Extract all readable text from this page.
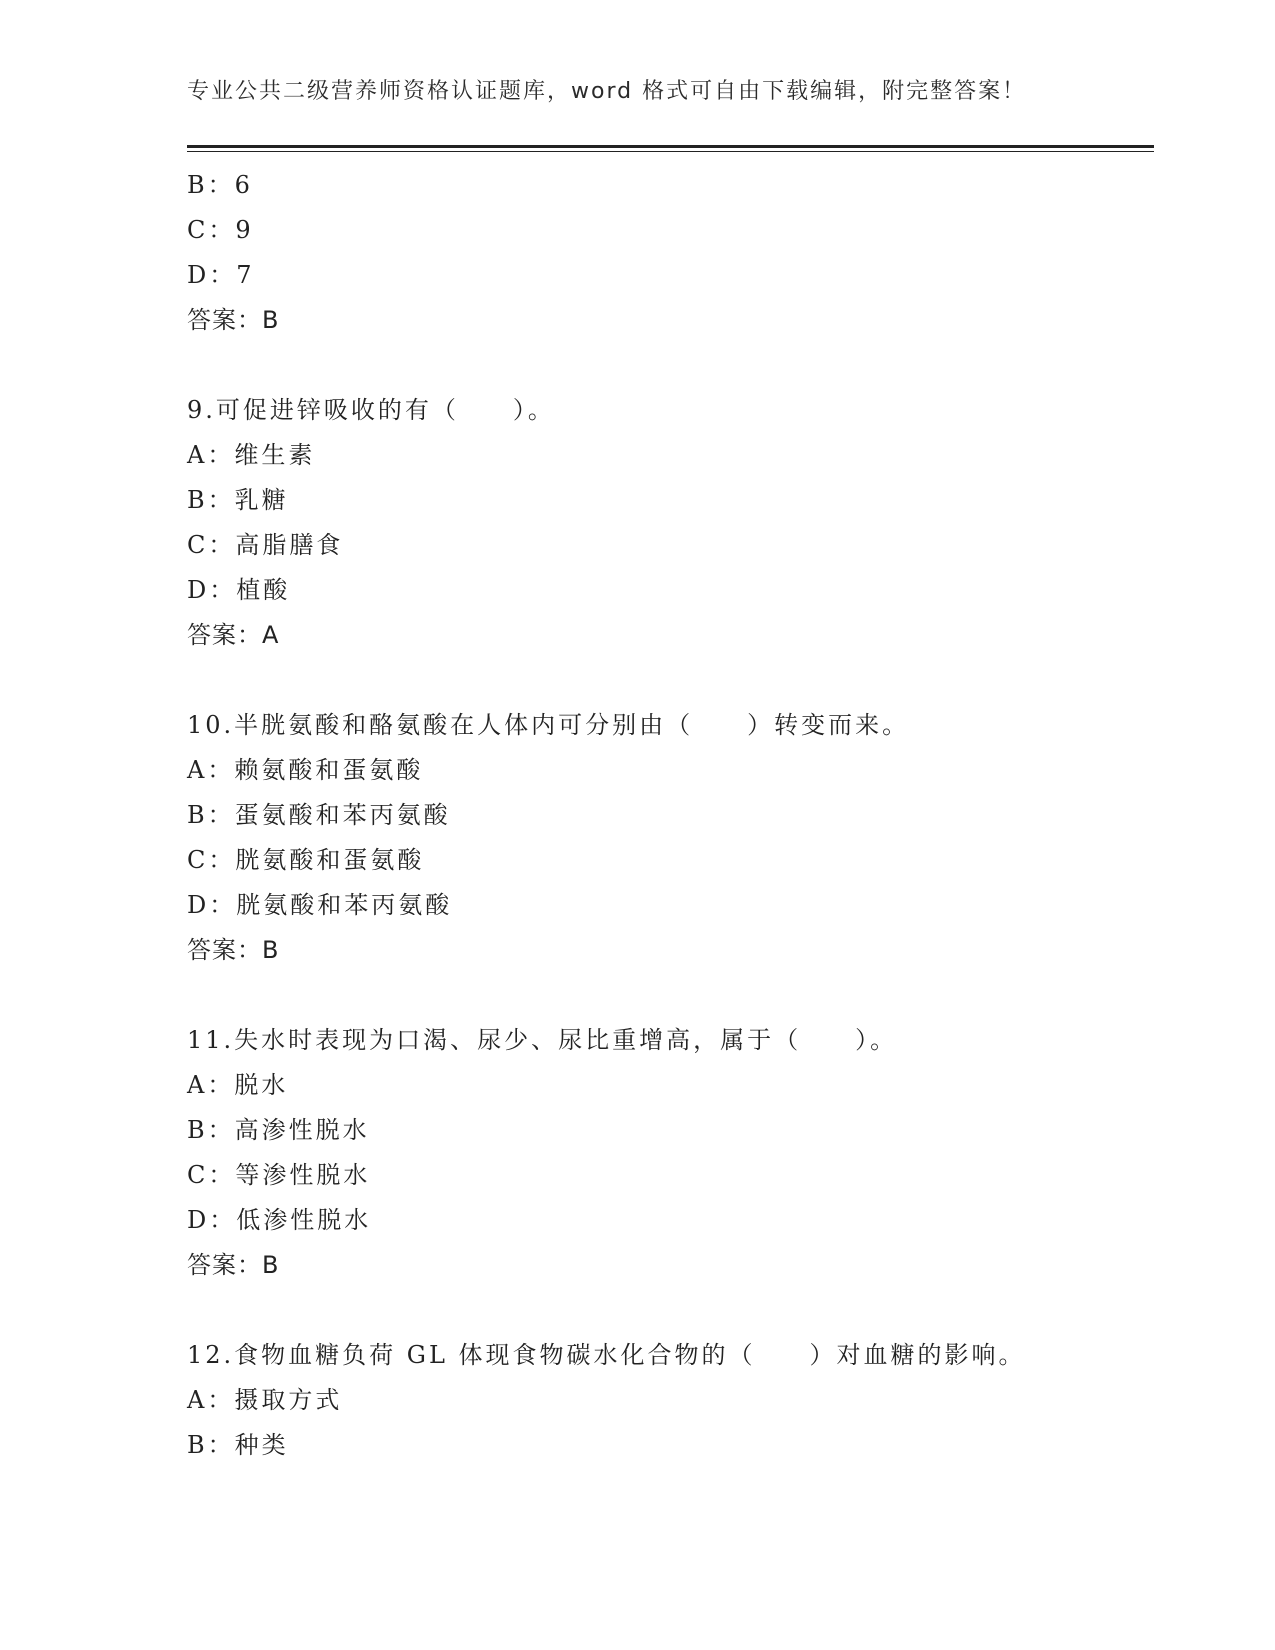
专业公共二级营养师资格认证题库，word 格式可自由下载编辑，附完整答案！
B：6
C：9
D：7
答案：B
9.可促进锌吸收的有（　　）。
A：维生素
B：乳糖
C：高脂膳食
D：植酸
答案：A
10.半胱氨酸和酪氨酸在人体内可分别由（　　）转变而来。
A：赖氨酸和蛋氨酸
B：蛋氨酸和苯丙氨酸
C：胱氨酸和蛋氨酸
D：胱氨酸和苯丙氨酸
答案：B
11.失水时表现为口渴、尿少、尿比重增高，属于（　　）。
A：脱水
B：高渗性脱水
C：等渗性脱水
D：低渗性脱水
答案：B
12.食物血糖负荷 GL 体现食物碳水化合物的（　　）对血糖的影响。
A：摄取方式
B：种类
